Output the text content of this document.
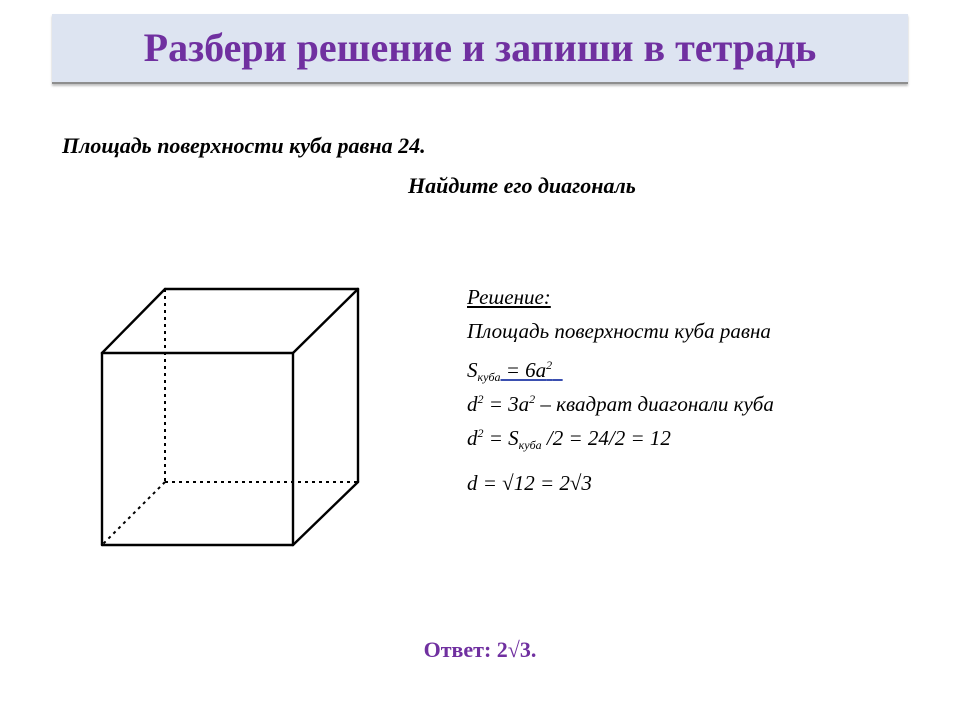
Разбери решение и запиши в тетрадь
Площадь поверхности куба равна 24.
Найдите его диагональ
Решение:
Площадь поверхности куба равна
$S_{куба} = 6a^2$
$d^2 = 3a^2$ – квадрат диагонали куба
$d^2 = S_{куба}$ /2 = 24/2 = 12
d = √12 = 2√3
Ответ: 2√3.
